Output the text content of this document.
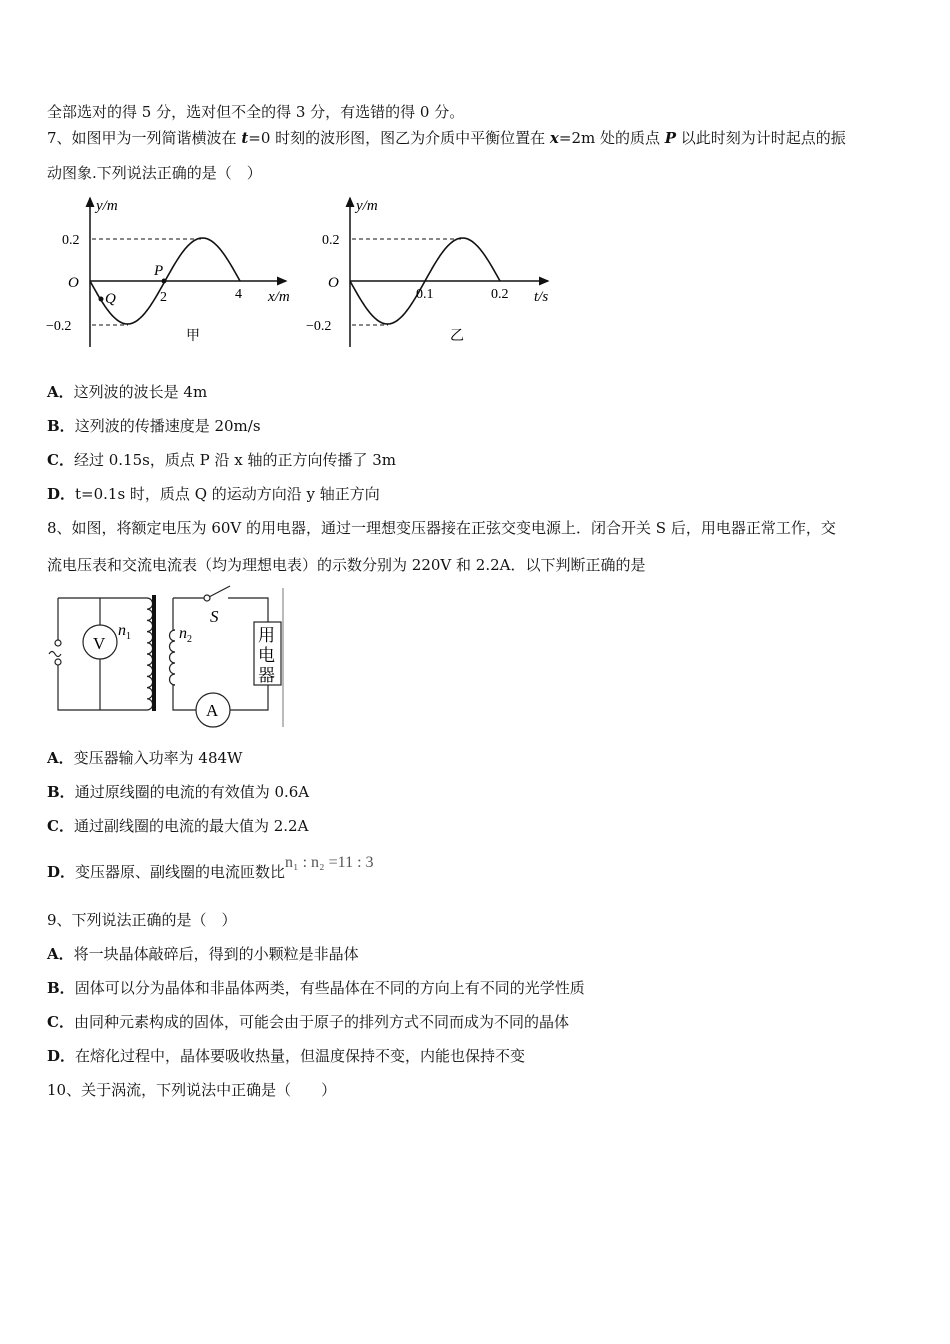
全部选对的得 5 分，选对但不全的得 3 分，有选错的得 0 分。
7、如图甲为一列简谐横波在 t=0 时刻的波形图，图乙为介质中平衡位置在 x=2m 处的质点 P 以此时刻为计时起点的振
动图象.下列说法正确的是（　）
y/m
O
0.2
−0.2
2	4 x/m
P
Q
甲
y/m
O
0.2
−0.2
0.1	0.2 t/s
乙
A．这列波的波长是 4m
B．这列波的传播速度是 20m/s
C．经过 0.15s，质点 P 沿 x 轴的正方向传播了 3m
D．t=0.1s 时，质点 Q 的运动方向沿 y 轴正方向
8、如图，将额定电压为 60V 的用电器，通过一理想变压器接在正弦交变电源上．闭合开关 S 后，用电器正常工作，交
流电压表和交流电流表（均为理想电表）的示数分别为 220V 和 2.2A．以下判断正确的是
V
A
$n_1$	$n_2$
S
用
电
器
A．变压器输入功率为 484W
B．通过原线圈的电流的有效值为 0.6A
C．通过副线圈的电流的最大值为 2.2A
D．变压器原、副线圈的电流匝数比n₁ : n₂ =11 : 3
9、下列说法正确的是（　）
A．将一块晶体敲碎后，得到的小颗粒是非晶体
B．固体可以分为晶体和非晶体两类，有些晶体在不同的方向上有不同的光学性质
C．由同种元素构成的固体，可能会由于原子的排列方式不同而成为不同的晶体
D．在熔化过程中，晶体要吸收热量，但温度保持不变，内能也保持不变
10、关于涡流，下列说法中正确是（　　）
